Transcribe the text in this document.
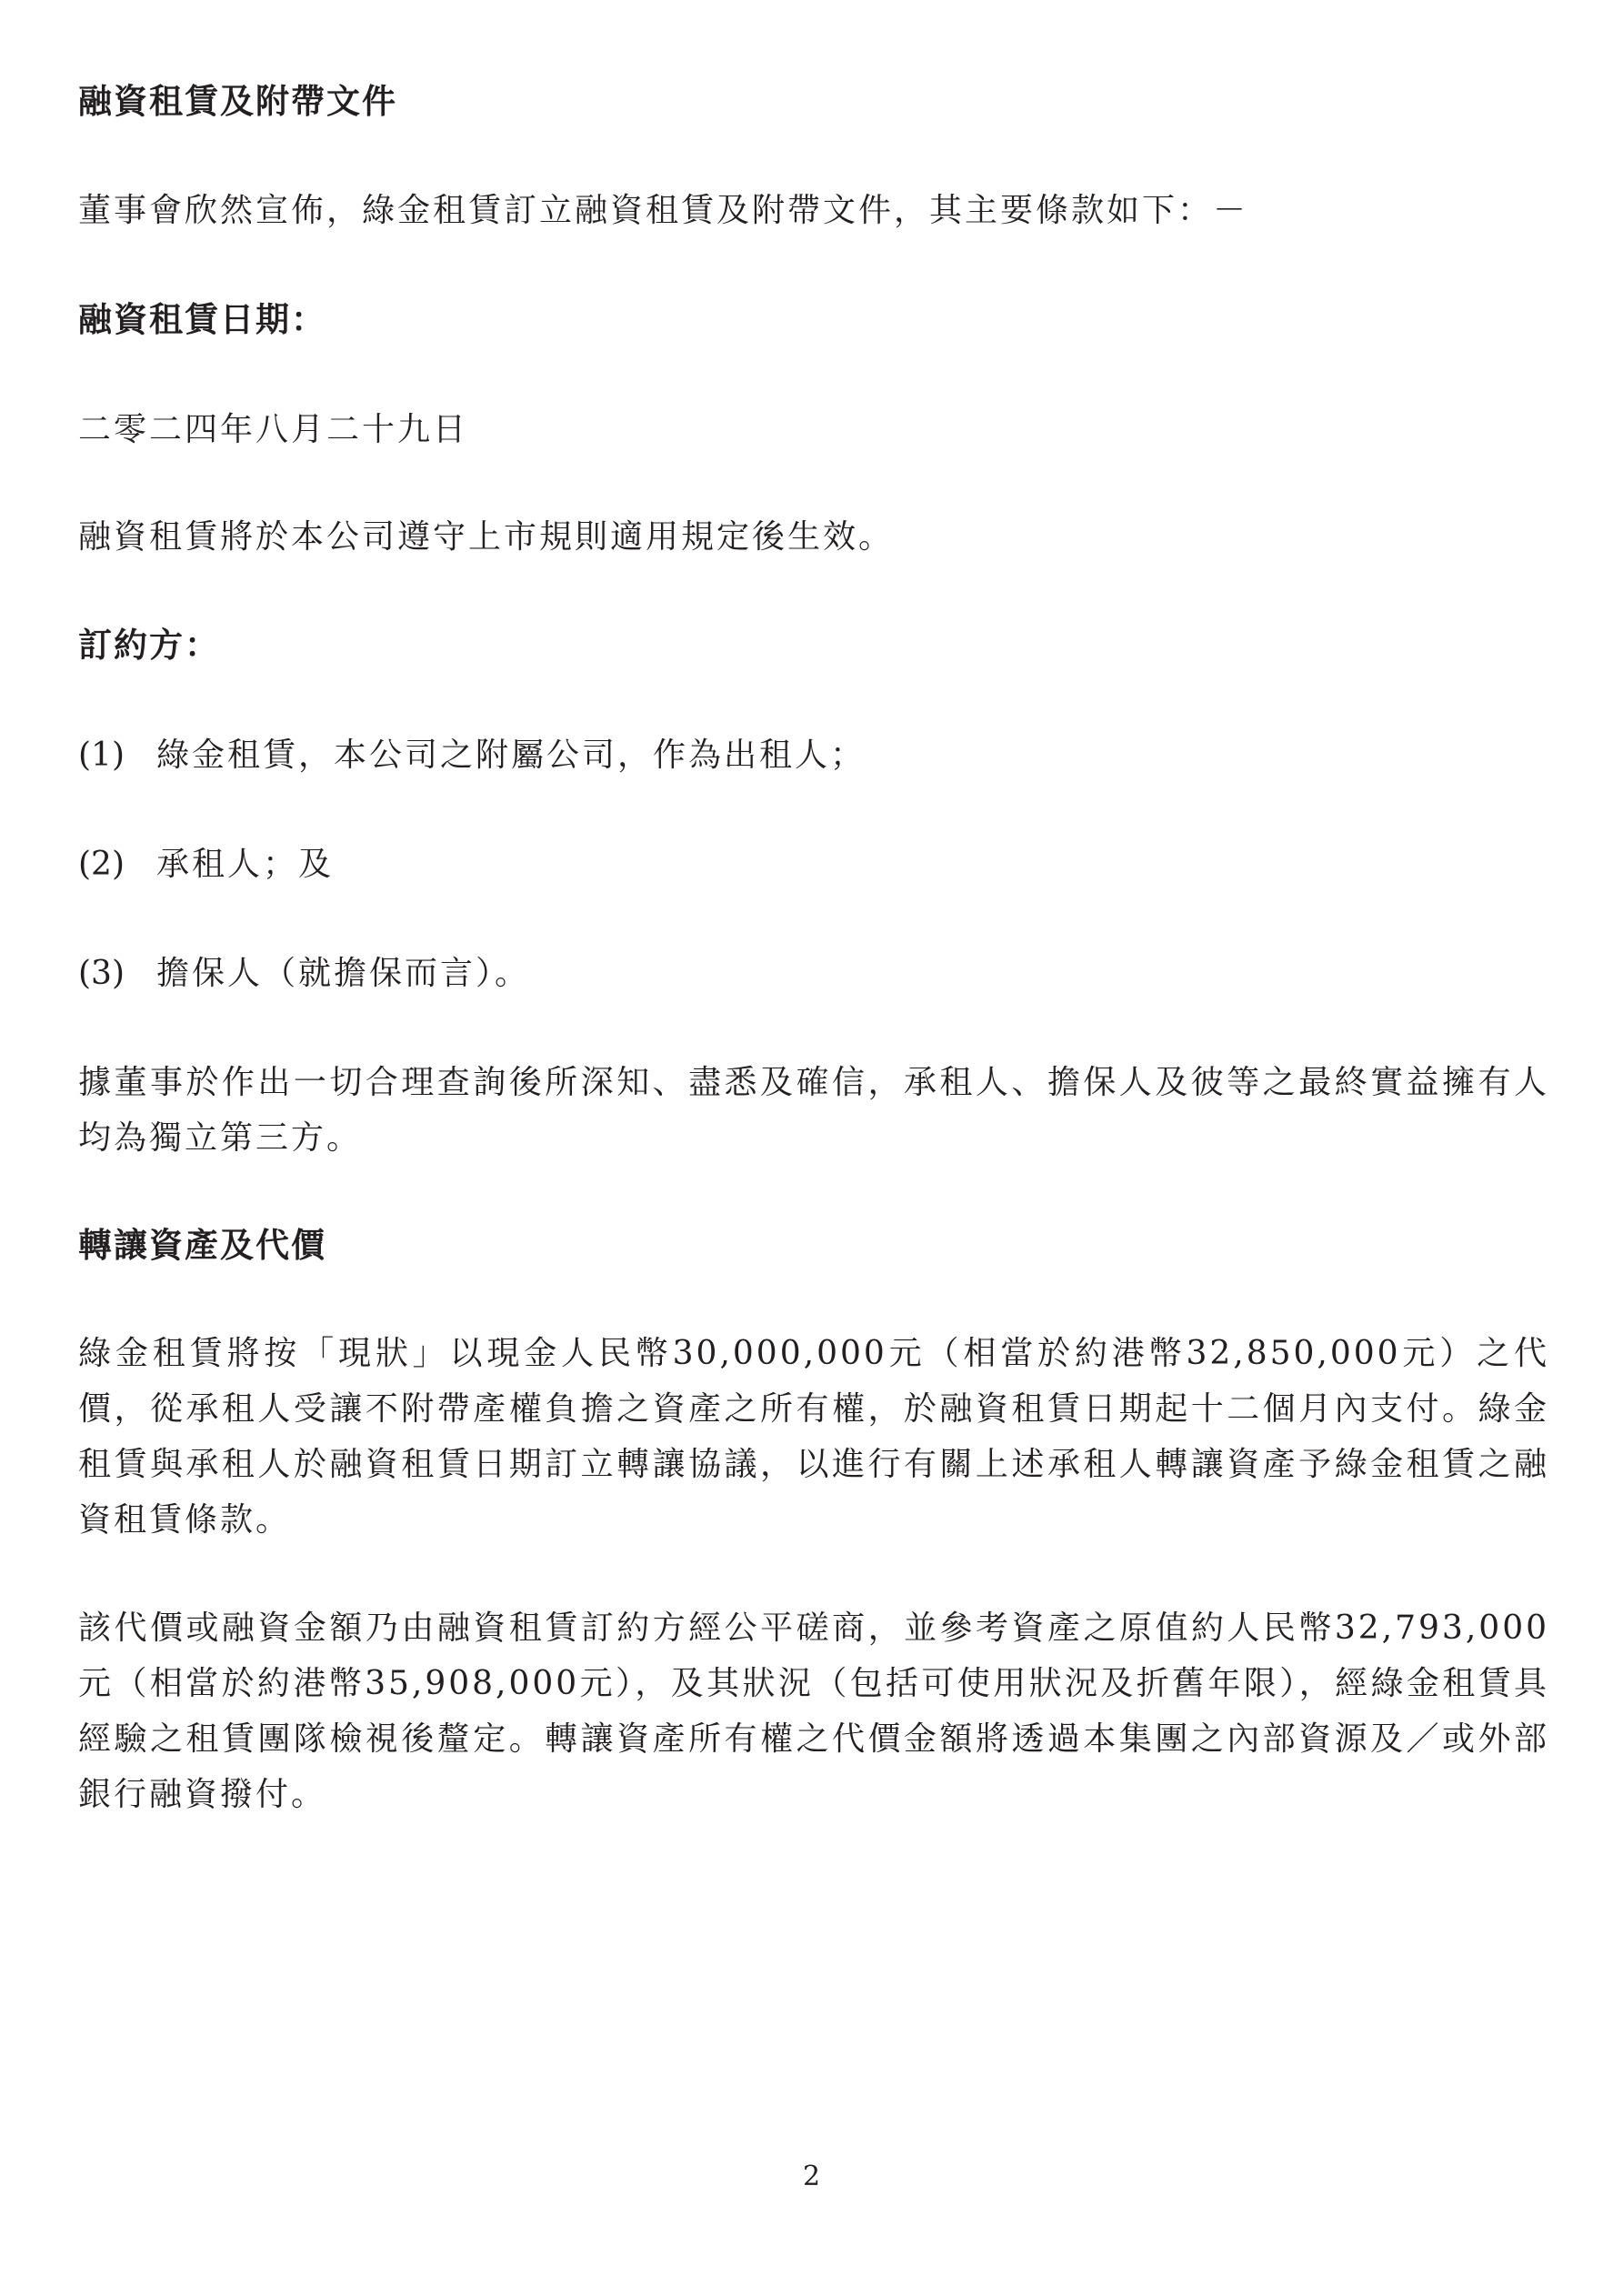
融資租賃及附帶文件

董事會欣然宣佈，綠金租賃訂立融資租賃及附帶文件，其主要條款如下：－

融資租賃日期：

二零二四年八月二十九日

融資租賃將於本公司遵守上市規則適用規定後生效。

訂約方：
(1) 綠金租賃，本公司之附屬公司，作為出租人；
(2) 承租人；及
(3) 擔保人（就擔保而言）。

據董事於作出一切合理查詢後所深知、盡悉及確信，承租人、擔保人及彼等之最終實益擁有人均為獨立第三方。

轉讓資產及代價

綠金租賃將按「現狀」以現金人民幣30,000,000元（相當於約港幣32,850,000元）之代價，從承租人受讓不附帶產權負擔之資產之所有權，於融資租賃日期起十二個月內支付。綠金租賃與承租人於融資租賃日期訂立轉讓協議，以進行有關上述承租人轉讓資產予綠金租賃之融資租賃條款。

該代價或融資金額乃由融資租賃訂約方經公平磋商，並參考資產之原值約人民幣32,793,000元（相當於約港幣35,908,000元），及其狀況（包括可使用狀況及折舊年限），經綠金租賃具經驗之租賃團隊檢視後釐定。轉讓資產所有權之代價金額將透過本集團之內部資源及／或外部銀行融資撥付。

2
